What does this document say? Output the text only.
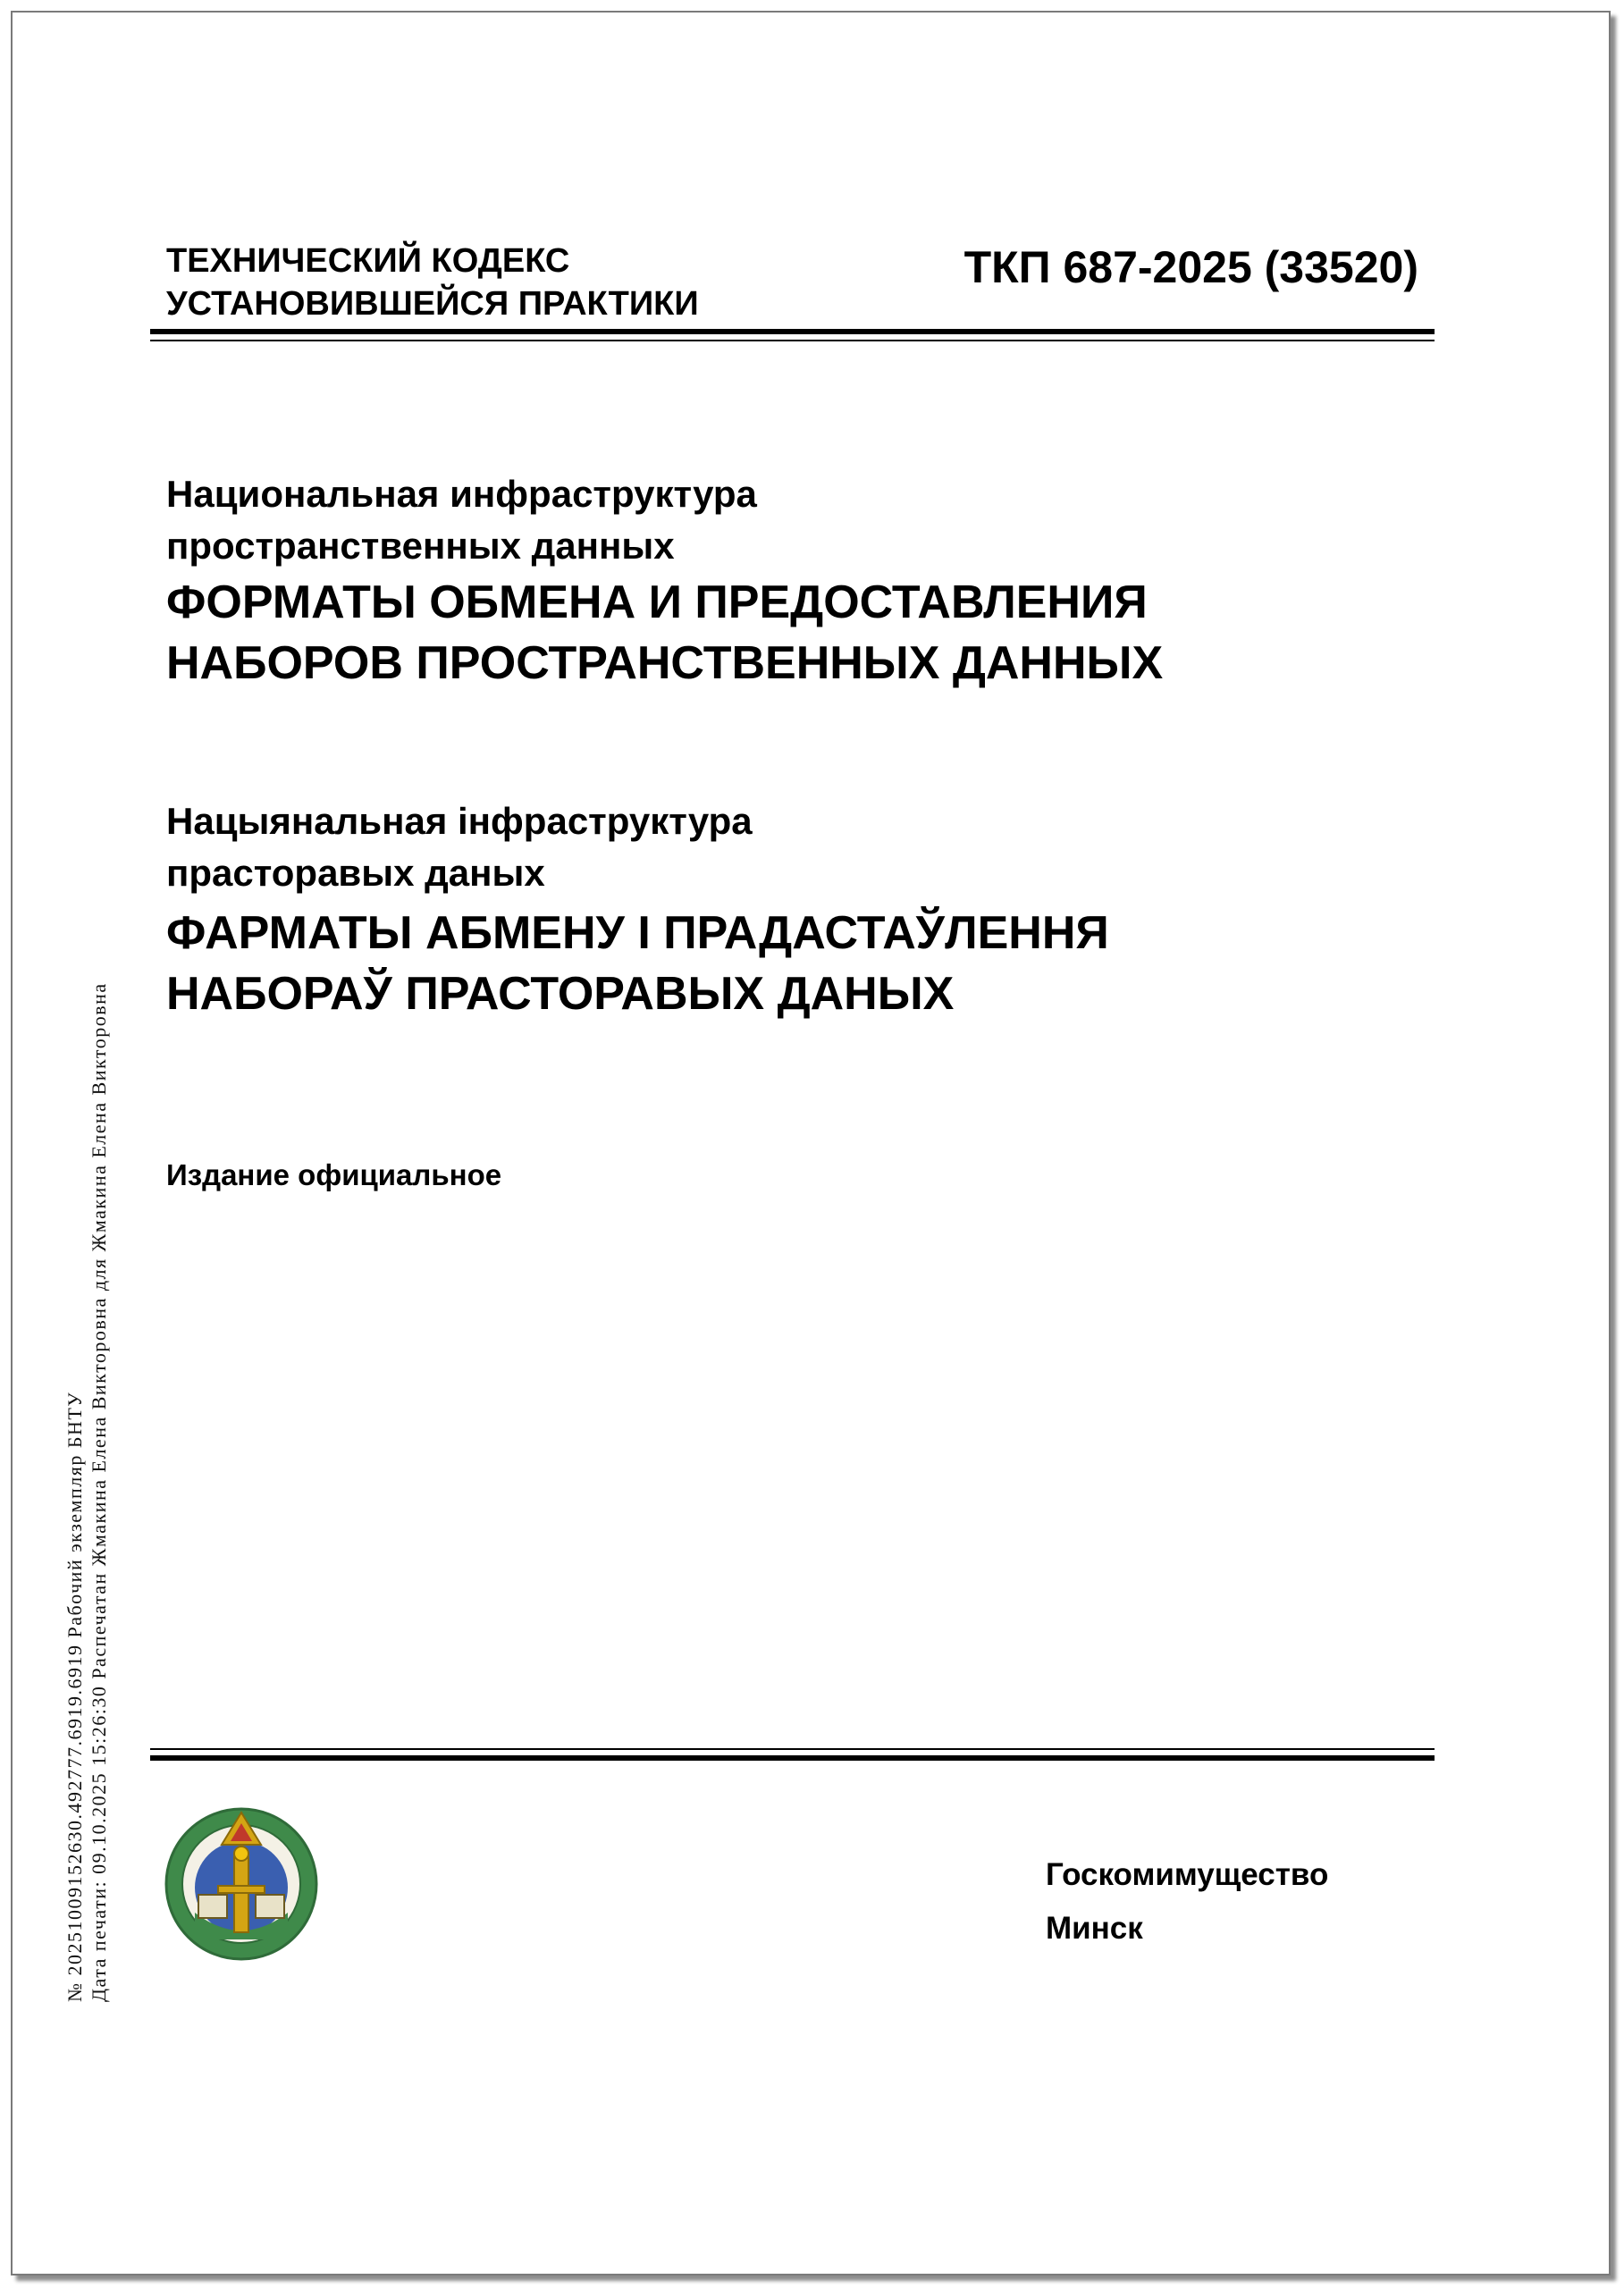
№ 20251009152630.492777.6919.6919 Рабочий экземпляр БНТУ Дата печати: 09.10.2025 15:26:30 Распечатан Жмакина Елена Викторовна для Жмакина Елена Викторовна
ТЕХНИЧЕСКИЙ КОДЕКС
УСТАНОВИВШЕЙСЯ ПРАКТИКИ
ТКП 687-2025 (33520)
Национальная инфраструктура
пространственных данных
ФОРМАТЫ ОБМЕНА И ПРЕДОСТАВЛЕНИЯ
НАБОРОВ ПРОСТРАНСТВЕННЫХ ДАННЫХ
Нацыянальная інфраструктура
прасторавых даных
ФАРМАТЫ АБМЕНУ І ПРАДАСТАЎЛЕННЯ
НАБОРАЎ ПРАСТОРАВЫХ ДАНЫХ
Издание официальное
Госкомимущество
Минск
